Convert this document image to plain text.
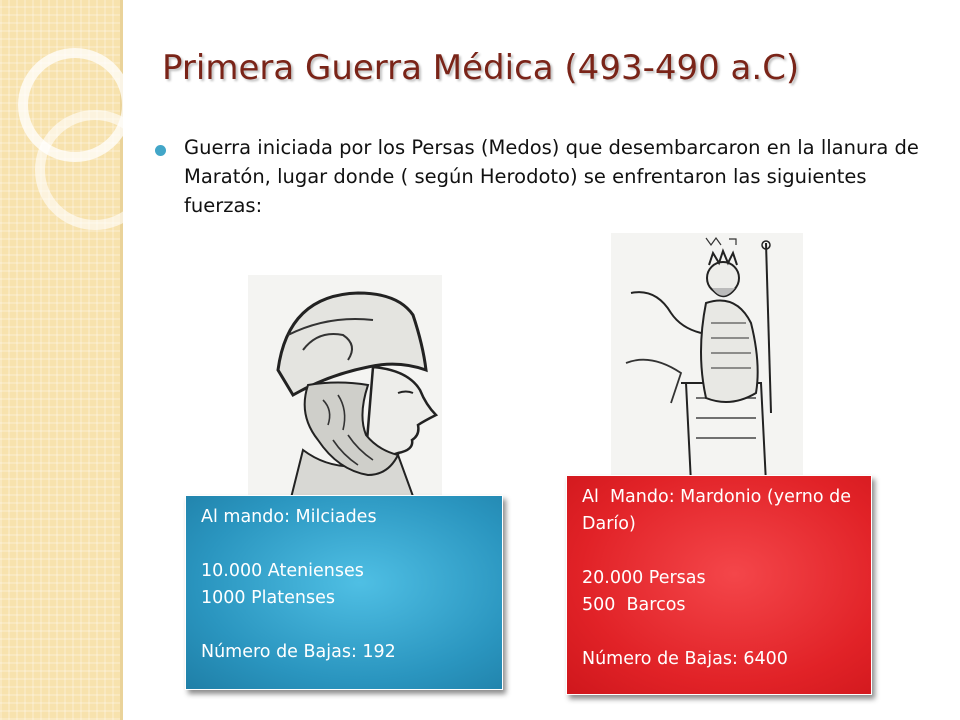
Primera Guerra Médica (493-490 a.C)

Guerra iniciada por los Persas (Medos) que desembarcaron en la llanura de Maratón, lugar donde ( según Herodoto) se enfrentaron las siguientes fuerzas:

Al mando: Milciades
10.000 Atenienses
1000 Platenses
Número de Bajas: 192
Al  Mando: Mardonio (yerno de Darío)
20.000 Persas
500  Barcos
Número de Bajas: 6400
